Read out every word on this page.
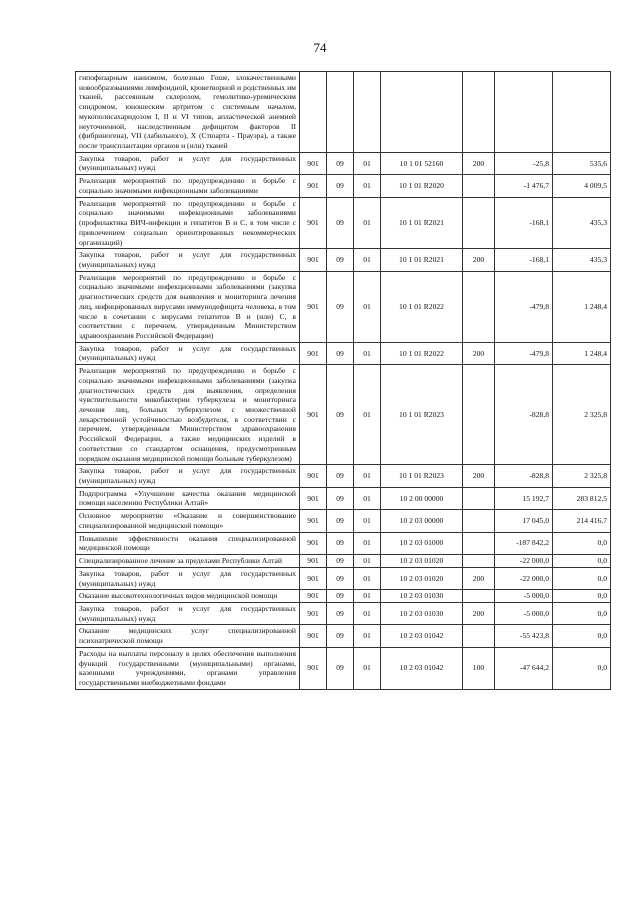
74
гипофизарным нанизмом, болезнью Гоше, злокачественными новообразованиями лимфоидной, кроветворной и родственных им тканей, рассеянным склерозом, гемолитико-уремическим синдромом, юношеским артритом с системным началом, мукополисахаридозом I, II и VI типов, апластической анемией неуточненной, наследственным дефицитом факторов II (фибриногена), VII (лабильного), X (Стюарта - Прауэра), а также после трансплантации органов и (или) тканей							
Закупка товаров, работ и услуг для государственных (муниципальных) нужд	901	09	01	10 1 01 52160	200	-25,8	535,6
Реализация мероприятий по предупреждению и борьбе с социально значимыми инфекционными заболеваниями	901	09	01	10 1 01 R2020		-1 476,7	4 009,5
Реализация мероприятий по предупреждению и борьбе с социально значимыми инфекционными заболеваниями (профилактика ВИЧ-инфекции и гепатитов В и С, в том числе с привлечением социально ориентированных некоммерческих организаций)	901	09	01	10 1 01 R2021		-168,1	435,3
Закупка товаров, работ и услуг для государственных (муниципальных) нужд	901	09	01	10 1 01 R2021	200	-168,1	435,3
Реализация мероприятий по предупреждению и борьбе с социально значимыми инфекционными заболеваниями (закупка диагностических средств для выявления и мониторинга лечения лиц, инфицированных вирусами иммунодефицита человека, в том числе в сочетании с вирусами гепатитов В и (или) С, в соответствии с перечнем, утвержденным Министерством здравоохранения Российской Федерации)	901	09	01	10 1 01 R2022		-479,8	1 248,4
Закупка товаров, работ и услуг для государственных (муниципальных) нужд	901	09	01	10 1 01 R2022	200	-479,8	1 248,4
Реализация мероприятий по предупреждению и борьбе с социально значимыми инфекционными заболеваниями (закупка диагностических средств для выявления, определения чувствительности микобактерии туберкулеза и мониторинга лечения лиц, больных туберкулезом с множественной лекарственной устойчивостью возбудителя, в соответствии с перечнем, утвержденным Министерством здравоохранения Российской Федерации, а также медицинских изделий в соответствии со стандартом оснащения, предусмотренным порядком оказания медицинской помощи больным туберкулезом)	901	09	01	10 1 01 R2023		-828,8	2 325,8
Закупка товаров, работ и услуг для государственных (муниципальных) нужд	901	09	01	10 1 01 R2023	200	-828,8	2 325,8
Подпрограмма «Улучшение качества оказания медицинской помощи населению Республики Алтай»	901	09	01	10 2 00 00000		15 192,7	283 812,5
Основное мероприятие «Оказание и совершенствование специализированной медицинской помощи»	901	09	01	10 2 03 00000		17 045,0	214 416,7
Повышение эффективности оказания специализированной медицинской помощи	901	09	01	10 2 03 01000		-187 842,2	0,0
Специализированное лечение за пределами Республики Алтай	901	09	01	10 2 03 01020		-22 000,0	0,0
Закупка товаров, работ и услуг для государственных (муниципальных) нужд	901	09	01	10 2 03 01020	200	-22 000,0	0,0
Оказание высокотехнологичных видов медицинской помощи	901	09	01	10 2 03 01030		-5 000,0	0,0
Закупка товаров, работ и услуг для государственных (муниципальных) нужд	901	09	01	10 2 03 01030	200	-5 000,0	0,0
Оказание медицинских услуг специализированной психиатрической помощи	901	09	01	10 2 03 01042		-55 423,8	0,0
Расходы на выплаты персоналу в целях обеспечения выполнения функций государственными (муниципальными) органами, казенными учреждениями, органами управления государственными внебюджетными фондами	901	09	01	10 2 03 01042	100	-47 644,2	0,0
